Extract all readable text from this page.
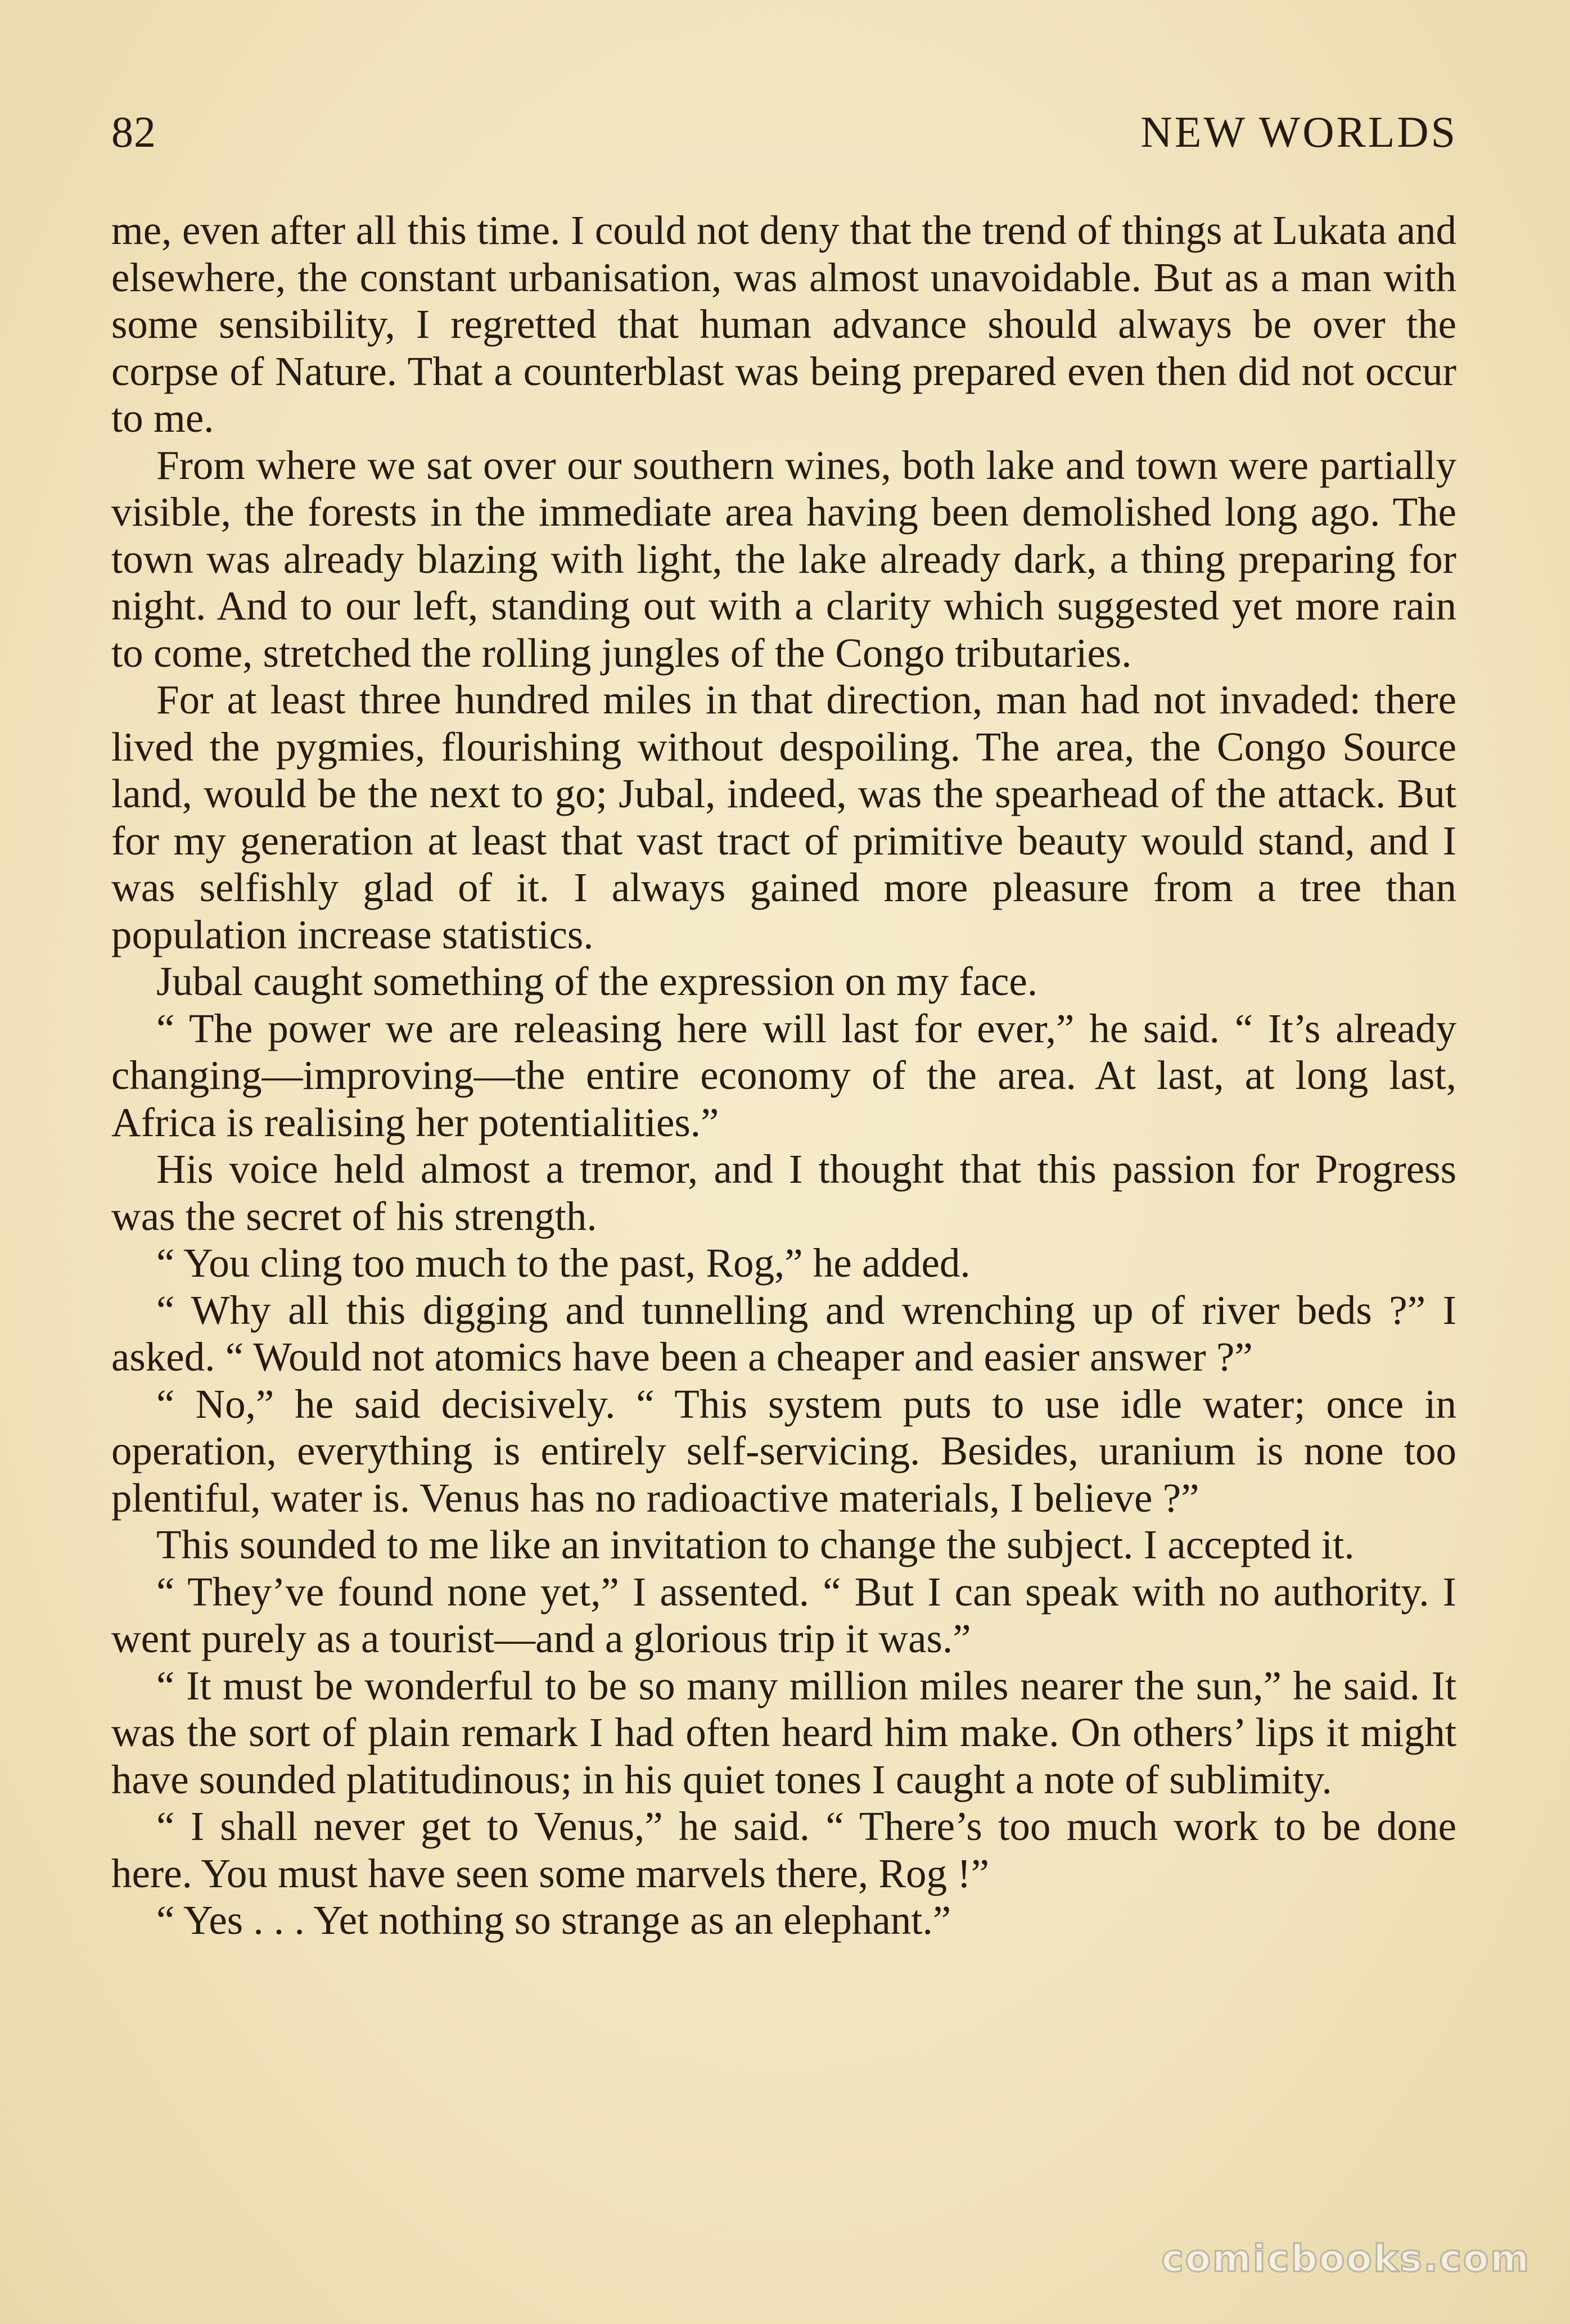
82	NEW WORLDS

me, even after all this time. I could not deny that the trend of things at Lukata and elsewhere, the constant urbanisation, was almost unavoidable. But as a man with some sensibility, I regretted that human advance should always be over the corpse of Nature. That a counterblast was being prepared even then did not occur to me.

From where we sat over our southern wines, both lake and town were partially visible, the forests in the immediate area having been demolished long ago. The town was already blazing with light, the lake already dark, a thing preparing for night. And to our left, standing out with a clarity which suggested yet more rain to come, stretched the rolling jungles of the Congo tributaries.

For at least three hundred miles in that direction, man had not invaded: there lived the pygmies, flourishing without despoiling. The area, the Congo Source land, would be the next to go; Jubal, indeed, was the spearhead of the attack. But for my generation at least that vast tract of primitive beauty would stand, and I was selfishly glad of it. I always gained more pleasure from a tree than population increase statistics.

Jubal caught something of the expression on my face.

“ The power we are releasing here will last for ever,” he said. “ It’s already changing—improving—the entire economy of the area. At last, at long last, Africa is realising her potentialities.”

His voice held almost a tremor, and I thought that this passion for Progress was the secret of his strength.

“ You cling too much to the past, Rog,” he added.

“ Why all this digging and tunnelling and wrenching up of river beds ?” I asked. “ Would not atomics have been a cheaper and easier answer ?”

“ No,” he said decisively. “ This system puts to use idle water; once in operation, everything is entirely self-servicing. Besides, uranium is none too plentiful, water is. Venus has no radioactive materials, I believe ?”

This sounded to me like an invitation to change the subject. I accepted it.

“ They’ve found none yet,” I assented. “ But I can speak with no authority. I went purely as a tourist—and a glorious trip it was.”

“ It must be wonderful to be so many million miles nearer the sun,” he said. It was the sort of plain remark I had often heard him make. On others’ lips it might have sounded platitudinous; in his quiet tones I caught a note of sublimity.

“ I shall never get to Venus,” he said. “ There’s too much work to be done here. You must have seen some marvels there, Rog !”

“ Yes . . . Yet nothing so strange as an elephant.”

comicbooks.com
